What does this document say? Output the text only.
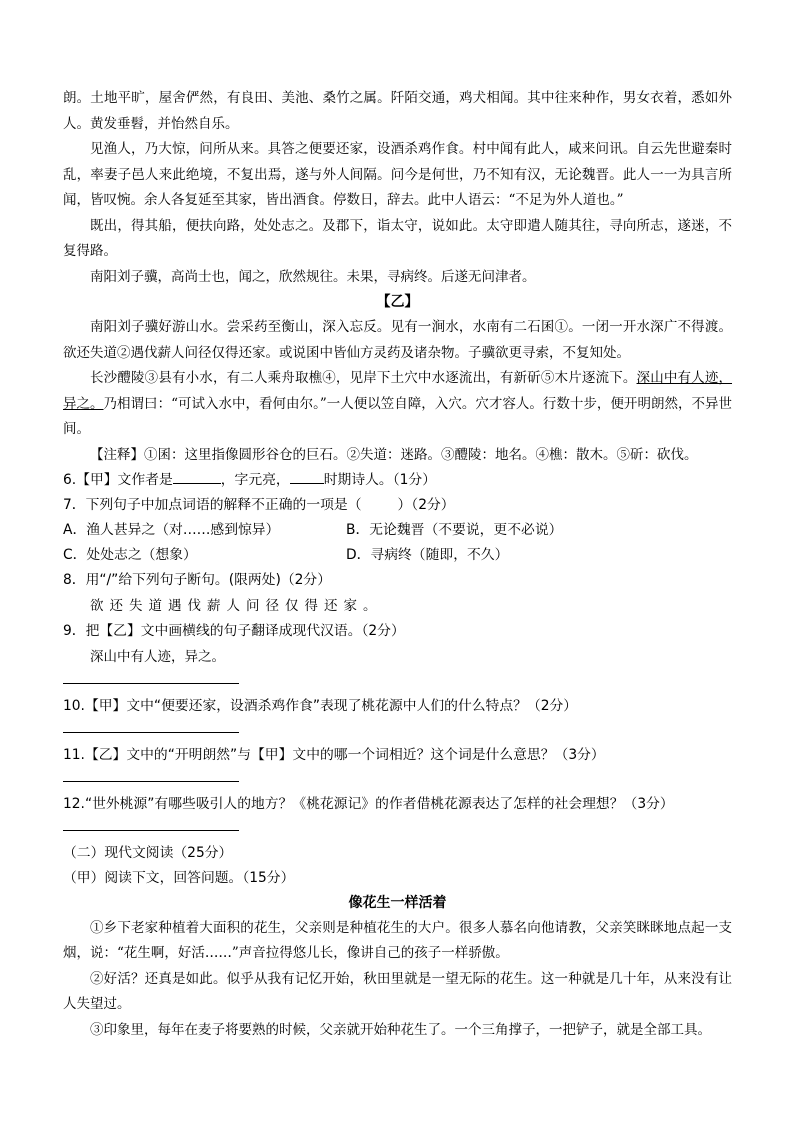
朗。土地平旷，屋舍俨然，有良田、美池、桑竹之属。阡陌交通，鸡犬相闻。其中往来种作，男女衣着，悉如外人。黄发垂髫，并怡然自乐。

见渔人，乃大惊，问所从来。具答之便要还家，设酒杀鸡作食。村中闻有此人，咸来问讯。自云先世避秦时乱，率妻子邑人来此绝境，不复出焉，遂与外人间隔。问今是何世，乃不知有汉，无论魏晋。此人一一为具言所闻，皆叹惋。余人各复延至其家，皆出酒食。停数日，辞去。此中人语云：“不足为外人道也。”

既出，得其船，便扶向路，处处志之。及郡下，诣太守，说如此。太守即遣人随其往，寻向所志，遂迷，不复得路。

南阳刘子骥，高尚士也，闻之，欣然规往。未果，寻病终。后遂无问津者。

【乙】

南阳刘子骥好游山水。尝采药至衡山，深入忘反。见有一涧水，水南有二石囷①。一闭一开水深广不得渡。欲还失道②遇伐薪人问径仅得还家。或说囷中皆仙方灵药及诸杂物。子骥欲更寻索，不复知处。

长沙醴陵③县有小水，有二人乘舟取樵④，见岸下土穴中水逐流出，有新斫⑤木片逐流下。深山中有人迹，异之。乃相谓曰：“可试入水中，看何由尔。”一人便以笠自障，入穴。穴才容人。行数十步，便开明朗然，不异世间。

【注释】①囷：这里指像圆形谷仓的巨石。②失道：迷路。③醴陵：地名。④樵：散木。⑤斫：砍伐。

6.【甲】文作者是	，字元亮， 时期诗人。（1分）

7．下列句子中加点词语的解释不正确的一项是（	）（2分）

A．渔人甚异之（对……感到惊异）	B．无论魏晋（不要说，更不必说）
C．处处志之（想象）	D．寻病终（随即，不久）

8．用“/”给下列句子断句。(限两处)（2分）

欲还失道遇伐薪人问径仅得还家。

9．把【乙】文中画横线的句子翻译成现代汉语。（2分）

深山中有人迹，异之。

10.【甲】文中“便要还家，设酒杀鸡作食”表现了桃花源中人们的什么特点？（2分）

11.【乙】文中的“开明朗然”与【甲】文中的哪一个词相近？这个词是什么意思？（3分）

12.“世外桃源”有哪些吸引人的地方？《桃花源记》的作者借桃花源表达了怎样的社会理想？（3分）

（二）现代文阅读（25分）

（甲）阅读下文，回答问题。（15分）

像花生一样活着

①乡下老家种植着大面积的花生，父亲则是种植花生的大户。很多人慕名向他请教，父亲笑眯眯地点起一支烟，说：“花生啊，好活……”声音拉得悠儿长，像讲自己的孩子一样骄傲。

②好活？还真是如此。似乎从我有记忆开始，秋田里就是一望无际的花生。这一种就是几十年，从来没有让人失望过。

③印象里，每年在麦子将要熟的时候，父亲就开始种花生了。一个三角撑子，一把铲子，就是全部工具。
